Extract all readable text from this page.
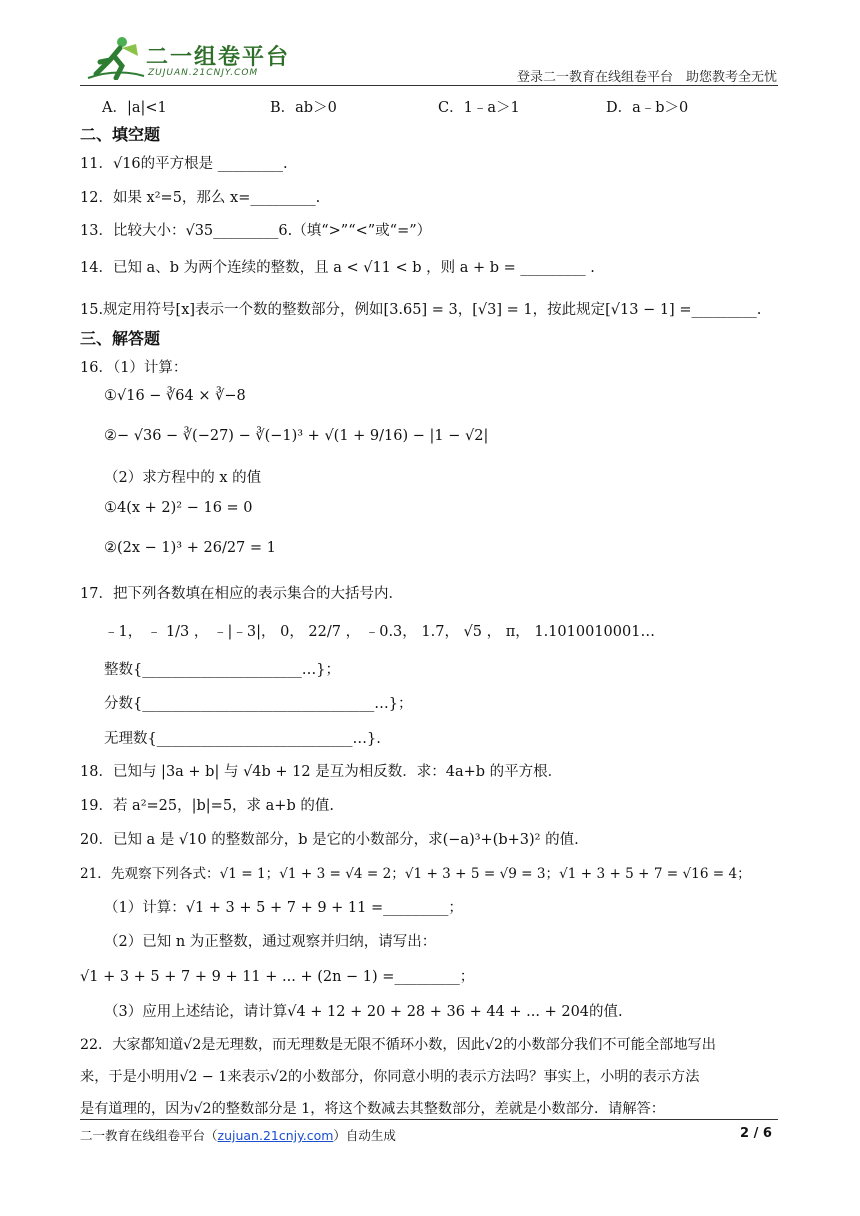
二一组卷平台
ZUJUAN.21CNJY.COM	登录二一教育在线组卷平台　助您教考全无忧
A．|a|<1	B．ab＞0	C．1﹣a＞1	D．a﹣b＞0
二、填空题
11．√16的平方根是 _________.
12．如果 x²=5，那么 x=_________.
13．比较大小：√35_________6.（填“>”“<”或“=”）
14．已知 a、b 为两个连续的整数，且 a < √11 < b ，则 a + b = _________ .
15.规定用符号[x]表示一个数的整数部分，例如[3.65] = 3，[√3] = 1，按此规定[√13 − 1] =_________.
三、解答题
16．（1）计算：
①√16 − ∛64 × ∛−8
②− √36 − ∛(−27) − ∛(−1)³ + √(1 + 9/16) − |1 − √2|
（2）求方程中的 x 的值
①4(x + 2)² − 16 = 0
②(2x − 1)³ + 26/27 = 1
17．把下列各数填在相应的表示集合的大括号内．
﹣1， ﹣ 1/3 ， ﹣|﹣3|， 0， 22/7 ， ﹣0.3， 1.7， √5 ， π， 1.1010010001…
整数{______________________…}；
分数{________________________________…}；
无理数{___________________________…}.
18．已知与 |3a + b| 与 √4b + 12 是互为相反数．求：4a+b 的平方根．
19．若 a²=25，|b|=5，求 a+b 的值.
20．已知 a 是 √10 的整数部分，b 是它的小数部分，求(−a)³+(b+3)² 的值.
21．先观察下列各式：√1 = 1；√1 + 3 = √4 = 2；√1 + 3 + 5 = √9 = 3；√1 + 3 + 5 + 7 = √16 = 4；
（1）计算：√1 + 3 + 5 + 7 + 9 + 11 =_________；
（2）已知 n 为正整数，通过观察并归纳，请写出：
√1 + 3 + 5 + 7 + 9 + 11 + ... + (2n − 1) =_________；
（3）应用上述结论，请计算√4 + 12 + 20 + 28 + 36 + 44 + ... + 204的值.
22．大家都知道√2是无理数，而无理数是无限不循环小数，因此√2的小数部分我们不可能全部地写出
来，于是小明用√2 − 1来表示√2的小数部分，你同意小明的表示方法吗？事实上，小明的表示方法
是有道理的，因为√2的整数部分是 1，将这个数减去其整数部分，差就是小数部分．请解答：
二一教育在线组卷平台（zujuan.21cnjy.com）自动生成	2 / 6
